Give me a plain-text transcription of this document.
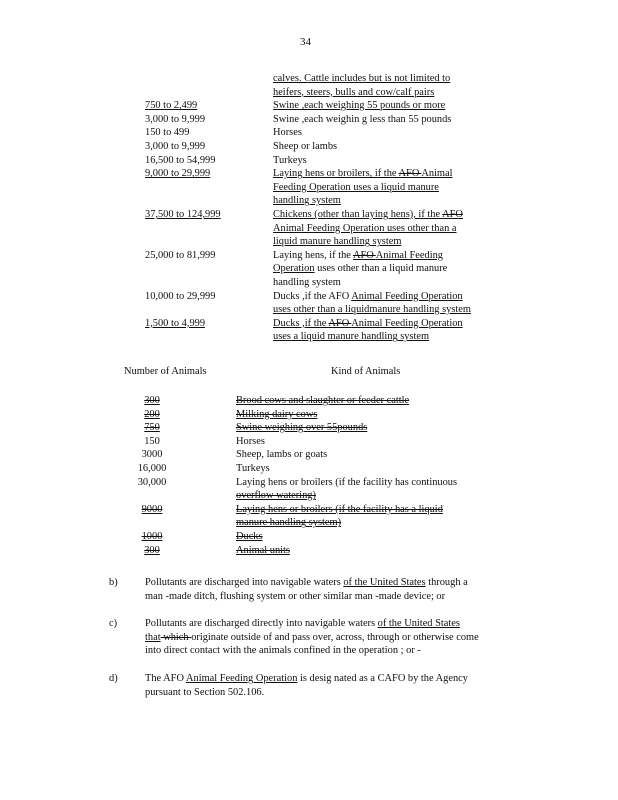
34
calves. Cattle includes but is not limited to
heifers, steers, bulls and cow/calf pairs
750 to 2,499	Swine ,each weighing 55 pounds or more
3,000 to 9,999	Swine ,each weighin g less than 55 pounds
150 to 499	Horses
3,000 to 9,999	Sheep or lambs
16,500 to 54,999	Turkeys
9,000 to 29,999	Laying hens or broilers, if the AFO Animal
Feeding Operation uses a liquid manure
handling system
37,500 to 124,999	Chickens (other than laying hens), if the AFO
Animal Feeding Operation uses other than a
liquid manure handling system
25,000 to 81,999	Laying hens, if the AFO Animal Feeding
Operation uses other than a liquid manure
handling system
10,000 to 29,999	Ducks ,if the AFO Animal Feeding Operation
uses other than a liquidmanure handling system
1,500 to 4,999	Ducks ,if the AFO Animal Feeding Operation
uses a liquid manure handling system
Number of Animals	Kind of Animals
300	Brood cows and slaughter or feeder cattle
200	Milking dairy cows
750	Swine weighing over 55pounds
150	Horses
3000	Sheep, lambs or goats
16,000	Turkeys
30,000	Laying hens or broilers (if the facility has continuous
overflow watering)
9000	Laying hens or broilers (if the facility has a liquid
manure handling system)
1000	Ducks
300	Animal units
b)	Pollutants are discharged into navigable waters of the United States through a
man -made ditch, flushing system or other similar man -made device; or
c)	Pollutants are discharged directly into navigable waters of the United States
that which originate outside of and pass over, across, through or otherwise come
into direct contact with the animals confined in the operation ; or -
d)	The AFO Animal Feeding Operation is desig nated as a CAFO by the Agency
pursuant to Section 502.106.
